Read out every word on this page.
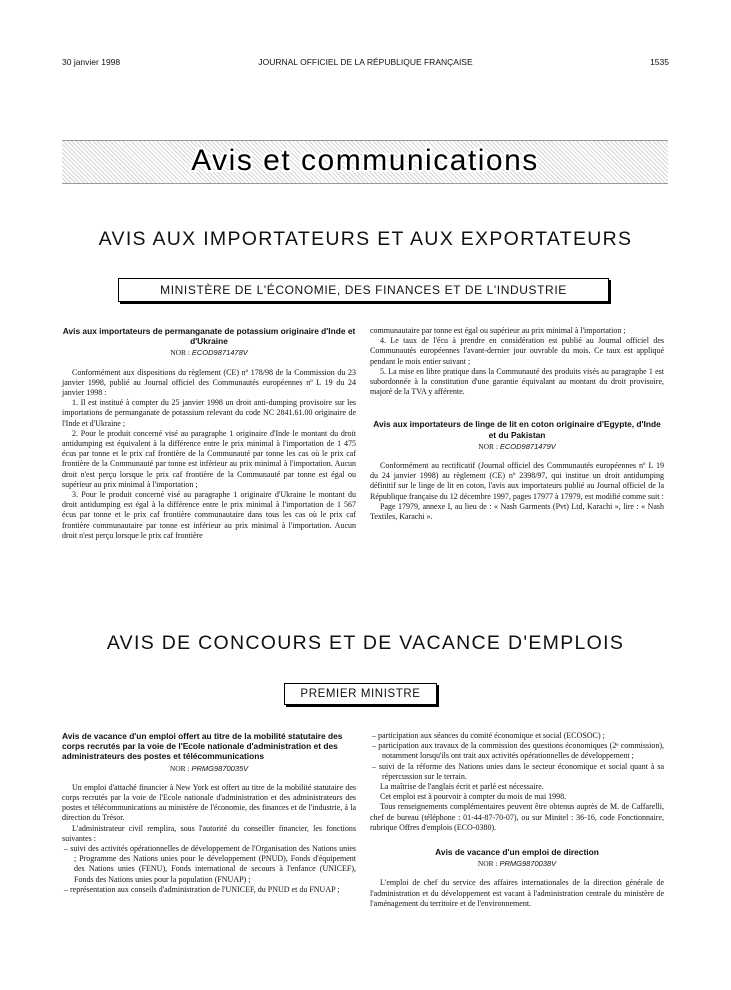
30 janvier 1998	JOURNAL OFFICIEL DE LA RÉPUBLIQUE FRANÇAISE	1535
Avis et communications
AVIS AUX IMPORTATEURS ET AUX EXPORTATEURS
MINISTÈRE DE L'ÉCONOMIE, DES FINANCES ET DE L'INDUSTRIE

Avis aux importateurs de permanganate de potassium originaire d'Inde et d'Ukraine

NOR : ECOD9871478V

Conformément aux dispositions du règlement (CE) nº 178/98 de la Commission du 23 janvier 1998, publié au Journal officiel des Communautés européennes nº L 19 du 24 janvier 1998 :

1. Il est institué à compter du 25 janvier 1998 un droit anti-dumping provisoire sur les importations de permanganate de potassium relevant du code NC 2841.61.00 originaire de l'Inde et d'Ukraine ;

2. Pour le produit concerné visé au paragraphe 1 originaire d'Inde le montant du droit antidumping est équivalent à la différence entre le prix minimal à l'importation de 1 475 écus par tonne et le prix caf frontière de la Communauté par tonne les cas où le prix caf frontière de la Communauté par tonne est inférieur au prix minimal à l'importation. Aucun droit n'est perçu lorsque le prix caf frontière de la Communauté par tonne est égal ou supérieur au prix minimal à l'importation ;

3. Pour le produit concerné visé au paragraphe 1 originaire d'Ukraine le montant du droit antidumping est égal à la différence entre le prix minimal à l'importation de 1 567 écus par tonne et le prix caf frontière communautaire dans tous les cas où le prix caf frontière communautaire par tonne est inférieur au prix minimal à l'importation. Aucun droit n'est perçu lorsque le prix caf frontière

communautaire par tonne est égal ou supérieur au prix minimal à l'importation ;

4. Le taux de l'écu à prendre en considération est publié au Journal officiel des Communautés européennes l'avant-dernier jour ouvrable du mois. Ce taux est appliqué pendant le mois entier suivant ;

5. La mise en libre pratique dans la Communauté des produits visés au paragraphe 1 est subordonnée à la constitution d'une garantie équivalant au montant du droit provisoire, majoré de la TVA y afférente.

Avis aux importateurs de linge de lit en coton originaire d'Egypte, d'Inde et du Pakistan

NOR : ECOD9871479V

Conformément au rectificatif (Journal officiel des Communautés européennes nº L 19 du 24 janvier 1998) au règlement (CE) nº 2398/97, qui institue un droit antidumping définitif sur le linge de lit en coton, l'avis aux importateurs publié au Journal officiel de la République française du 12 décembre 1997, pages 17977 à 17979, est modifié comme suit :

Page 17979, annexe I, au lieu de : « Nash Garments (Pvt) Ltd, Karachi », lire : « Nash Textiles, Karachi ».

AVIS DE CONCOURS ET DE VACANCE D'EMPLOIS
PREMIER MINISTRE

Avis de vacance d'un emploi offert au titre de la mobilité statutaire des corps recrutés par la voie de l'Ecole nationale d'administration et des administrateurs des postes et télécommunications

NOR : PRMG9870035V

Un emploi d'attaché financier à New York est offert au titre de la mobilité statutaire des corps recrutés par la voie de l'Ecole nationale d'administration et des administrateurs des postes et télécommunications au ministère de l'économie, des finances et de l'industrie, à la direction du Trésor.

L'administrateur civil remplira, sous l'autorité du conseiller financier, les fonctions suivantes :

– suivi des activités opérationnelles de développement de l'Organisation des Nations unies ; Programme des Nations unies pour le développement (PNUD), Fonds d'équipement des Nations unies (FENU), Fonds international de secours à l'enfance (UNICEF), Fonds des Nations unies pour la population (FNUAP) ;

– représentation aux conseils d'administration de l'UNICEF, du PNUD et du FNUAP ;

– participation aux séances du comité économique et social (ECOSOC) ;

– participation aux travaux de la commission des questions économiques (2ᵉ commission), notamment lorsqu'ils ont trait aux activités opérationnelles de développement ;

– suivi de la réforme des Nations unies dans le secteur économique et social quant à sa répercussion sur le terrain.

La maîtrise de l'anglais écrit et parlé est nécessaire.

Cet emploi est à pourvoir à compter du mois de mai 1998.

Tous renseignements complémentaires peuvent être obtenus auprès de M. de Caffarelli, chef de bureau (téléphone : 01-44-87-70-07), ou sur Minitel : 36-16, code Fonctionnaire, rubrique Offres d'emplois (ECO-0380).

Avis de vacance d'un emploi de direction

NOR : PRMG9870038V

L'emploi de chef du service des affaires internationales de la direction générale de l'administration et du développement est vacant à l'administration centrale du ministère de l'aménagement du territoire et de l'environnement.
